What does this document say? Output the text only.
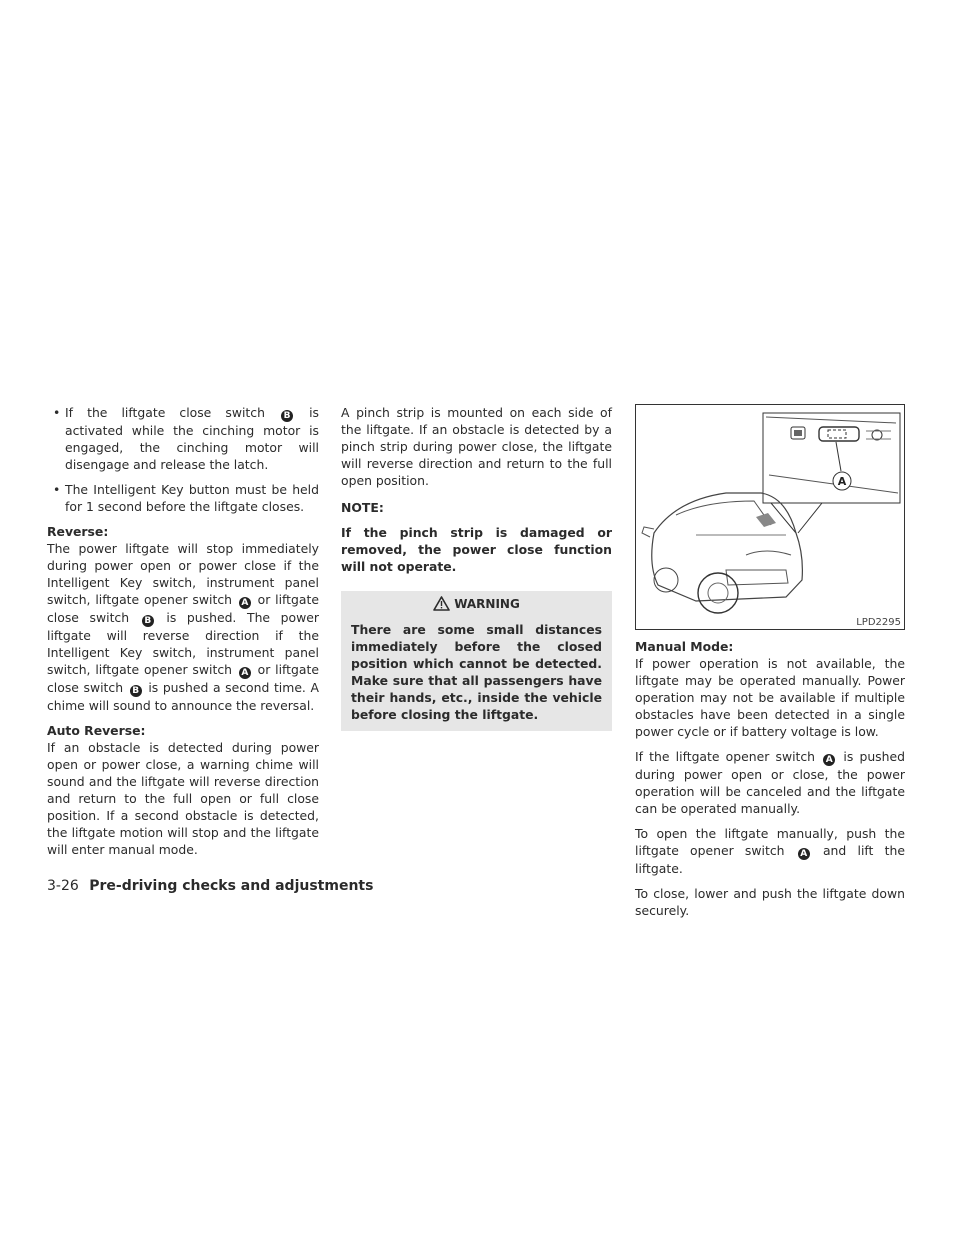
• If the liftgate close switch B is activated while the cinching motor is engaged, the cinching motor will disengage and release the latch.
• The Intelligent Key button must be held for 1 second before the liftgate closes.

Reverse:

The power liftgate will stop immediately during power open or power close if the Intelligent Key switch, instrument panel switch, liftgate opener switch A or liftgate close switch B is pushed. The power liftgate will reverse direction if the Intelligent Key switch, instrument panel switch, liftgate opener switch A or liftgate close switch B is pushed a second time. A chime will sound to announce the reversal.

Auto Reverse:

If an obstacle is detected during power open or power close, a warning chime will sound and the liftgate will reverse direction and return to the full open or full close position. If a second obstacle is detected, the liftgate motion will stop and the liftgate will enter manual mode.

A pinch strip is mounted on each side of the liftgate. If an obstacle is detected by a pinch strip during power close, the liftgate will reverse direction and return to the full open position.

NOTE:

If the pinch strip is damaged or removed, the power close function will not operate.

WARNING

There are some small distances immediately before the closed position which cannot be detected. Make sure that all passengers have their hands, etc., inside the vehicle before closing the liftgate.

A
LPD2295

Manual Mode:

If power operation is not available, the liftgate may be operated manually. Power operation may not be available if multiple obstacles have been detected in a single power cycle or if battery voltage is low.

If the liftgate opener switch A is pushed during power open or close, the power operation will be canceled and the liftgate can be operated manually.

To open the liftgate manually, push the liftgate opener switch A and lift the liftgate.

To close, lower and push the liftgate down securely.

3-26 Pre-driving checks and adjustments
